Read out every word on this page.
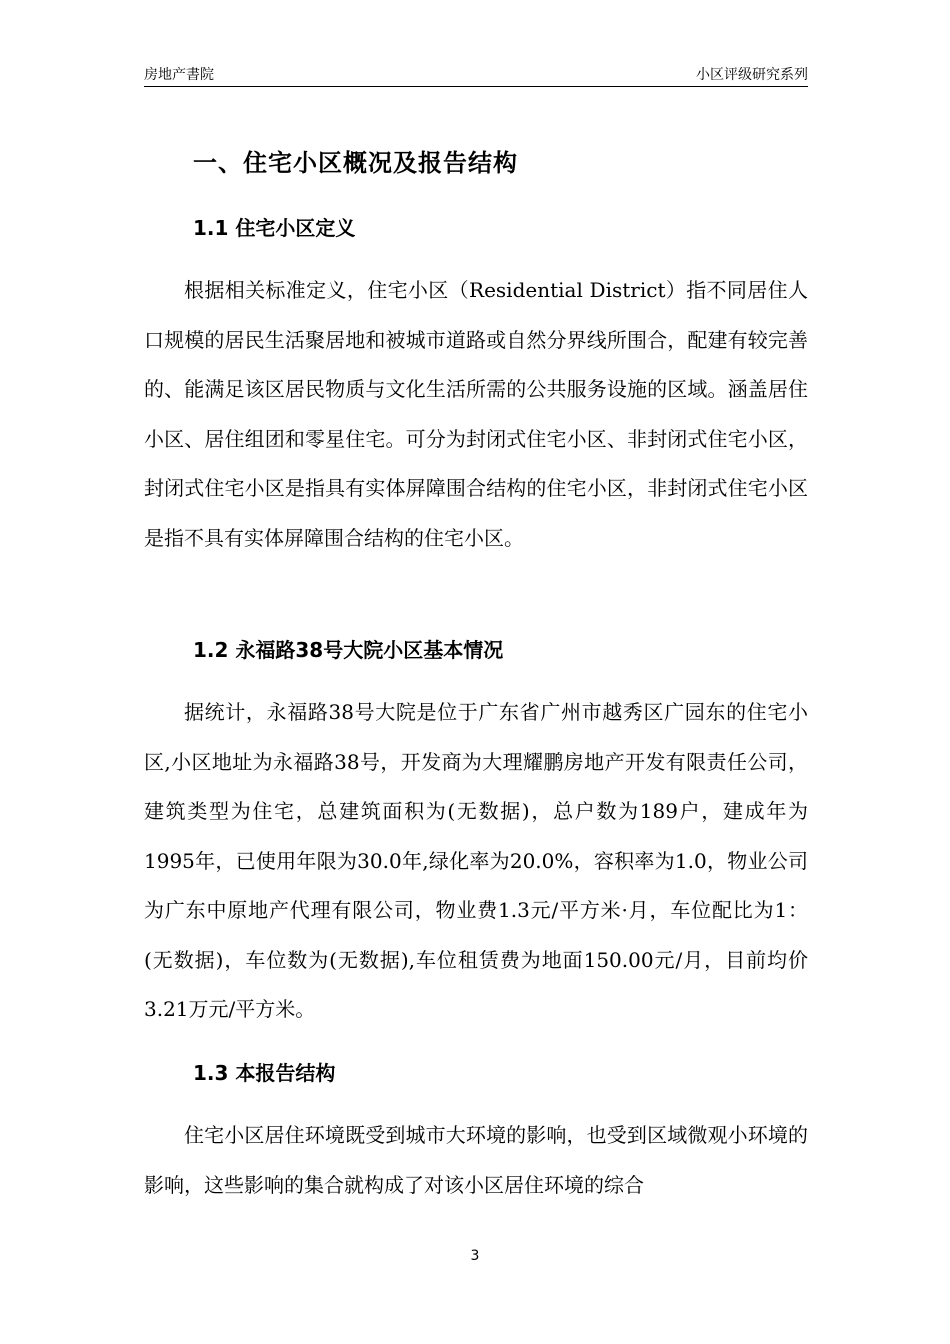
房地产書院	小区评级研究系列
一、住宅小区概况及报告结构
1.1 住宅小区定义

根据相关标准定义，住宅小区（Residential District）指不同居住人口规模的居民生活聚居地和被城市道路或自然分界线所围合，配建有较完善的、能满足该区居民物质与文化生活所需的公共服务设施的区域。涵盖居住小区、居住组团和零星住宅。可分为封闭式住宅小区、非封闭式住宅小区，封闭式住宅小区是指具有实体屏障围合结构的住宅小区，非封闭式住宅小区是指不具有实体屏障围合结构的住宅小区。

1.2 永福路38号大院小区基本情况

据统计，永福路38号大院是位于广东省广州市越秀区广园东的住宅小区,小区地址为永福路38号，开发商为大理耀鹏房地产开发有限责任公司，建筑类型为住宅，总建筑面积为(无数据)，总户数为189户，建成年为1995年，已使用年限为30.0年,绿化率为20.0%，容积率为1.0，物业公司为广东中原地产代理有限公司，物业费1.3元/平方米·月，车位配比为1：(无数据)，车位数为(无数据),车位租赁费为地面150.00元/月，目前均价3.21万元/平方米。

1.3 本报告结构

住宅小区居住环境既受到城市大环境的影响，也受到区域微观小环境的影响，这些影响的集合就构成了对该小区居住环境的综合

3
